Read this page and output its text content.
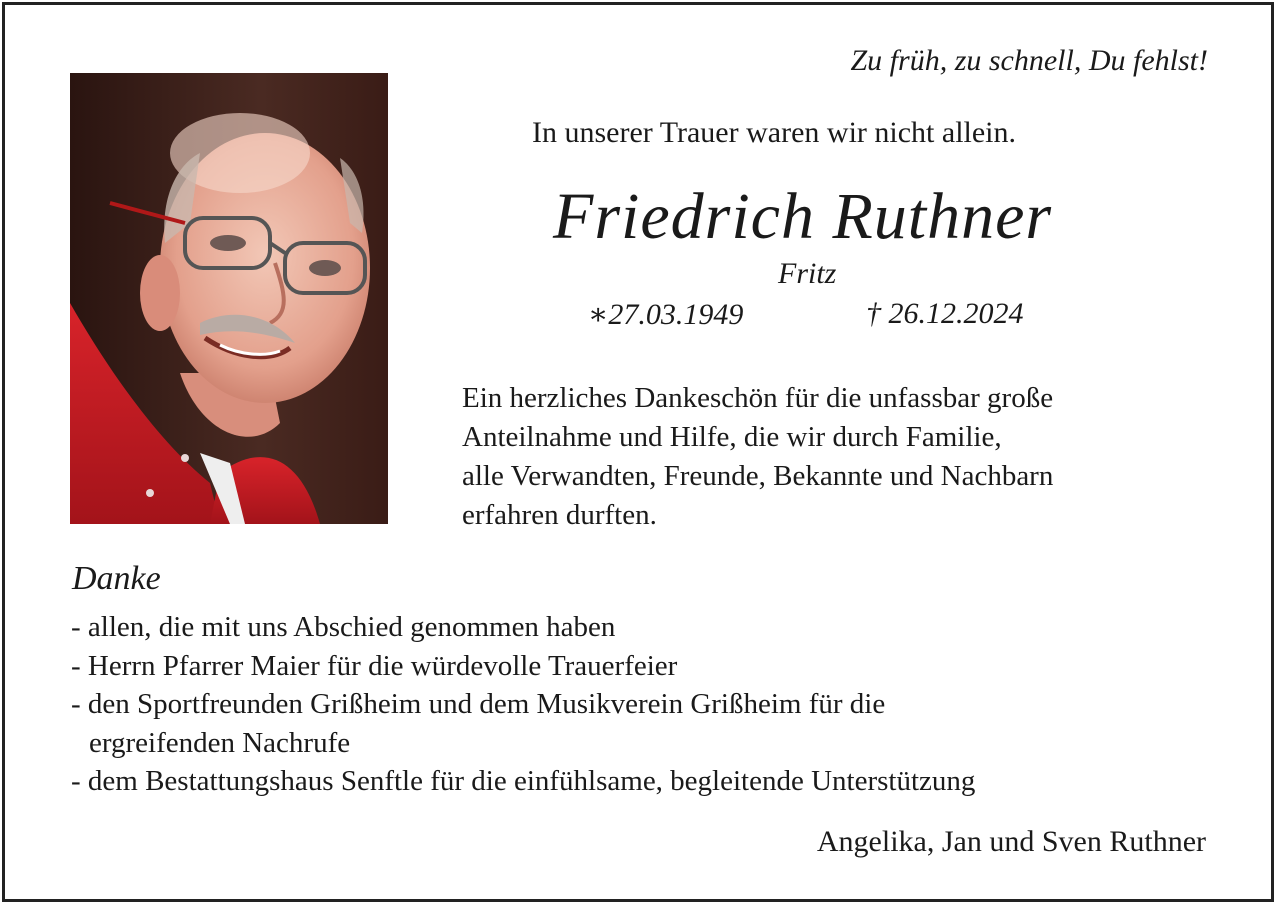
Zu früh, zu schnell, Du fehlst!
In unserer Trauer waren wir nicht allein.
Friedrich Ruthner
Fritz
∗27.03.1949	† 26.12.2024
Ein herzliches Dankeschön für die unfassbar große
Anteilnahme und Hilfe, die wir durch Familie,
alle Verwandten, Freunde, Bekannte und Nachbarn
erfahren durften.
Danke
- allen, die mit uns Abschied genommen haben
- Herrn Pfarrer Maier für die würdevolle Trauerfeier
- den Sportfreunden Grißheim und dem Musikverein Grißheim für die
ergreifenden Nachrufe
- dem Bestattungshaus Senftle für die einfühlsame, begleitende Unterstützung
Angelika, Jan und Sven Ruthner
